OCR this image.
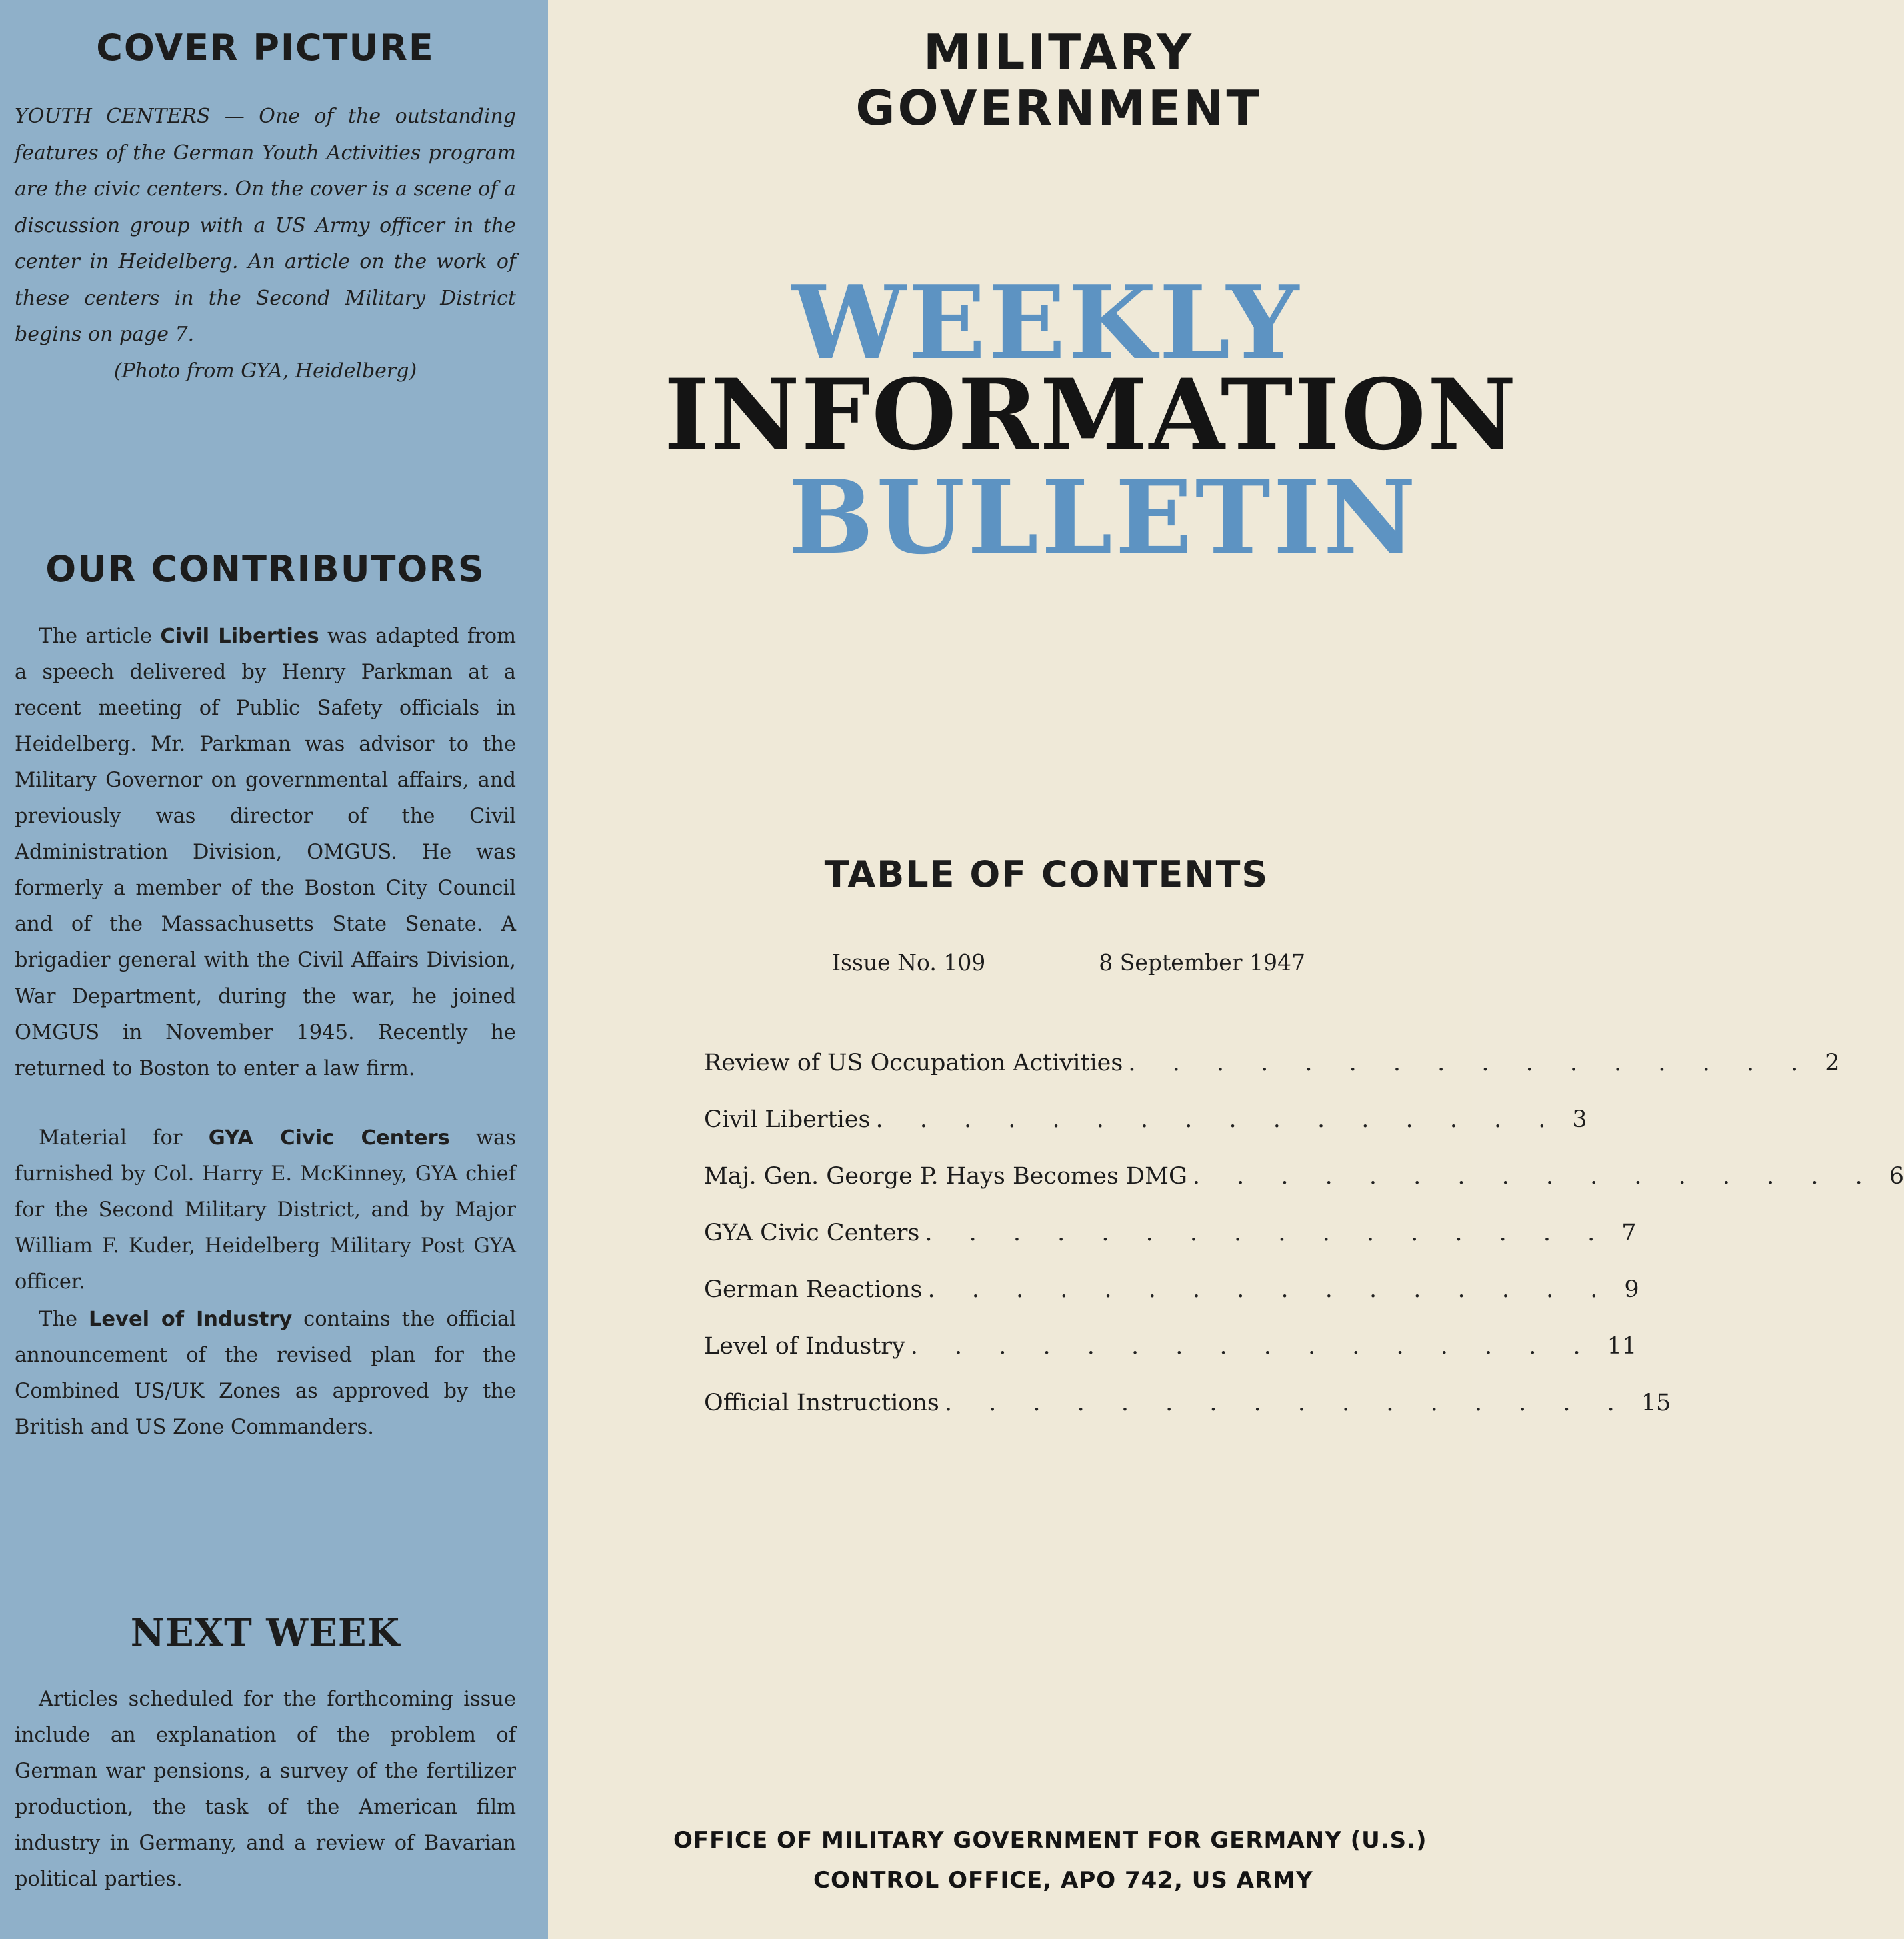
COVER PICTURE

YOUTH CENTERS — One of the outstanding features of the German Youth Activities program are the civic centers. On the cover is a scene of a discussion group with a US Army officer in the center in Heidelberg. An article on the work of these centers in the Second Military District begins on page 7.
(Photo from GYA, Heidelberg)

OUR CONTRIBUTORS

The article Civil Liberties was adapted from a speech delivered by Henry Parkman at a recent meeting of Public Safety officials in Heidelberg. Mr. Parkman was advisor to the Military Governor on governmental affairs, and previously was director of the Civil Administration Division, OMGUS. He was formerly a member of the Boston City Council and of the Massachusetts State Senate. A brigadier general with the Civil Affairs Division, War Department, during the war, he joined OMGUS in November 1945. Recently he returned to Boston to enter a law firm.

Material for GYA Civic Centers was furnished by Col. Harry E. McKinney, GYA chief for the Second Military District, and by Major William F. Kuder, Heidelberg Military Post GYA officer.

The Level of Industry contains the official announcement of the revised plan for the Combined US/UK Zones as approved by the British and US Zone Commanders.

NEXT WEEK

Articles scheduled for the forthcoming issue include an explanation of the problem of German war pensions, a survey of the fertilizer production, the task of the American film industry in Germany, and a review of Bavarian political parties.

MILITARY GOVERNMENT
WEEKLY
INFORMATION
BULLETIN
TABLE OF CONTENTS
Issue No. 109	8 September 1947
Review of US Occupation Activities . . . . . . . . . . . . . . . . 2
Civil Liberties . . . . . . . . . . . . . . . . 3
Maj. Gen. George P. Hays Becomes DMG . . . . . . . . . . . . . . . . 6
GYA Civic Centers . . . . . . . . . . . . . . . . 7
German Reactions . . . . . . . . . . . . . . . . 9
Level of Industry . . . . . . . . . . . . . . . . 11
Official Instructions . . . . . . . . . . . . . . . . 15

OFFICE OF MILITARY GOVERNMENT FOR GERMANY (U.S.)

CONTROL OFFICE, APO 742, US ARMY
